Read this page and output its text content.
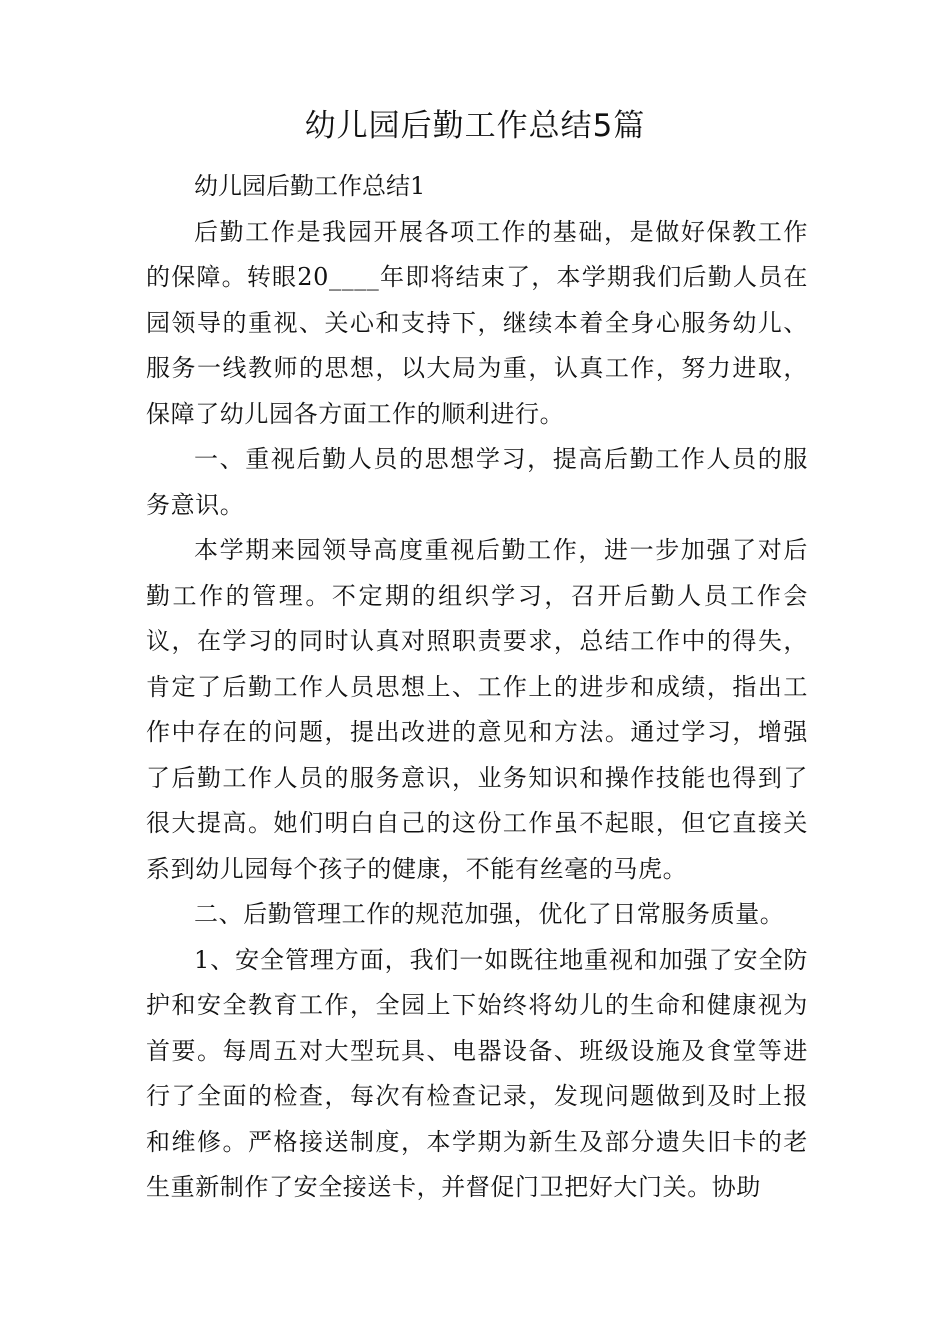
幼儿园后勤工作总结5篇

幼儿园后勤工作总结1

后勤工作是我园开展各项工作的基础，是做好保教工作的保障。转眼20____年即将结束了，本学期我们后勤人员在园领导的重视、关心和支持下，继续本着全身心服务幼儿、服务一线教师的思想，以大局为重，认真工作，努力进取，保障了幼儿园各方面工作的顺利进行。

一、重视后勤人员的思想学习，提高后勤工作人员的服务意识。

本学期来园领导高度重视后勤工作，进一步加强了对后勤工作的管理。不定期的组织学习，召开后勤人员工作会议，在学习的同时认真对照职责要求，总结工作中的得失，肯定了后勤工作人员思想上、工作上的进步和成绩，指出工作中存在的问题，提出改进的意见和方法。通过学习，增强了后勤工作人员的服务意识，业务知识和操作技能也得到了很大提高。她们明白自己的这份工作虽不起眼，但它直接关系到幼儿园每个孩子的健康，不能有丝毫的马虎。

二、后勤管理工作的规范加强，优化了日常服务质量。

1、安全管理方面，我们一如既往地重视和加强了安全防护和安全教育工作，全园上下始终将幼儿的生命和健康视为首要。每周五对大型玩具、电器设备、班级设施及食堂等进行了全面的检查，每次有检查记录，发现问题做到及时上报和维修。严格接送制度，本学期为新生及部分遗失旧卡的老生重新制作了安全接送卡，并督促门卫把好大门关。协助
